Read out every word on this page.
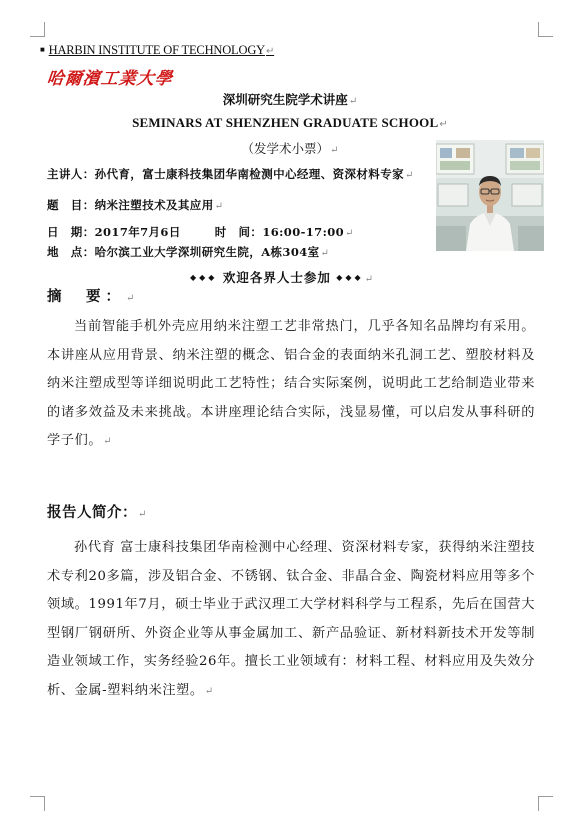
■ HARBIN INSTITUTE OF TECHNOLOGY↵
哈爾濱工業大學
深圳研究生院学术讲座↵
SEMINARS AT SHENZHEN GRADUATE SCHOOL↵
（发学术小票）↵
主讲人：孙代育，富士康科技集团华南检测中心经理、资深材料专家↵
题　目：纳米注塑技术及其应用↵
日　期：2017年7月6日	时　间：16:00-17:00↵
地　点：哈尔滨工业大学深圳研究生院，A栋304室↵
◆◆◆ 欢迎各界人士参加 ◆◆◆↵
摘　要：↵
当前智能手机外壳应用纳米注塑工艺非常热门，几乎各知名品牌均有采用。本讲座从应用背景、纳米注塑的概念、铝合金的表面纳米孔洞工艺、塑胶材料及纳米注塑成型等详细说明此工艺特性；结合实际案例，说明此工艺给制造业带来的诸多效益及未来挑战。本讲座理论结合实际，浅显易懂，可以启发从事科研的学子们。↵
报告人简介：↵
孙代育 富士康科技集团华南检测中心经理、资深材料专家，获得纳米注塑技术专利20多篇，涉及铝合金、不锈钢、钛合金、非晶合金、陶瓷材料应用等多个领域。1991年7月，硕士毕业于武汉理工大学材料科学与工程系，先后在国营大型钢厂钢研所、外资企业等从事金属加工、新产品验证、新材料新技术开发等制造业领域工作，实务经验26年。擅长工业领域有：材料工程、材料应用及失效分析、金属-塑料纳米注塑。↵
